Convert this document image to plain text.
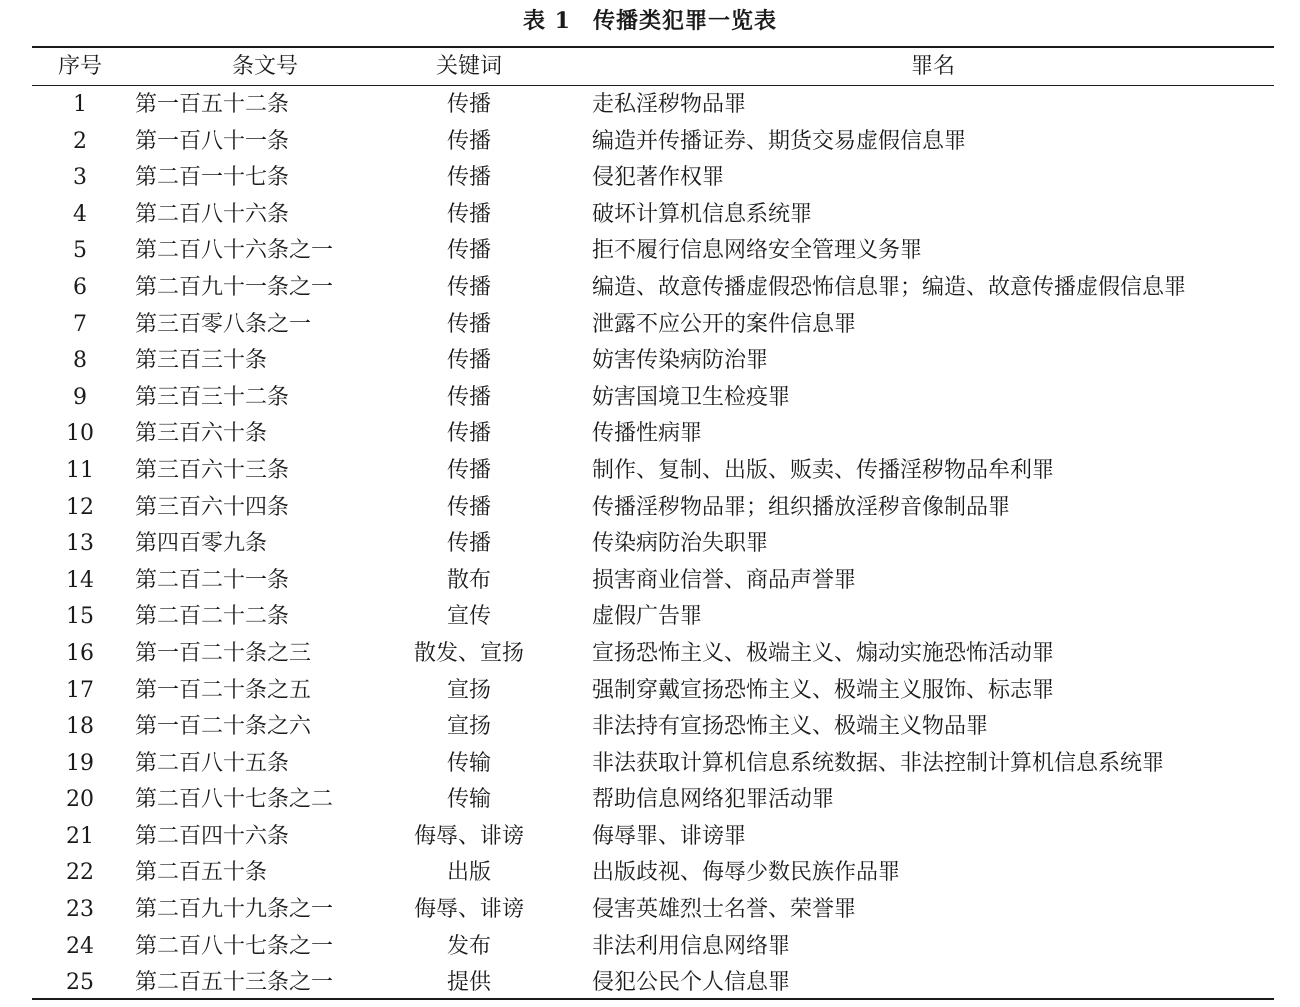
表 1 传播类犯罪一览表
序号	条文号	关键词	罪名
1	第一百五十二条	传播	走私淫秽物品罪
2	第一百八十一条	传播	编造并传播证券、期货交易虚假信息罪
3	第二百一十七条	传播	侵犯著作权罪
4	第二百八十六条	传播	破坏计算机信息系统罪
5	第二百八十六条之一	传播	拒不履行信息网络安全管理义务罪
6	第二百九十一条之一	传播	编造、故意传播虚假恐怖信息罪；编造、故意传播虚假信息罪
7	第三百零八条之一	传播	泄露不应公开的案件信息罪
8	第三百三十条	传播	妨害传染病防治罪
9	第三百三十二条	传播	妨害国境卫生检疫罪
10	第三百六十条	传播	传播性病罪
11	第三百六十三条	传播	制作、复制、出版、贩卖、传播淫秽物品牟利罪
12	第三百六十四条	传播	传播淫秽物品罪；组织播放淫秽音像制品罪
13	第四百零九条	传播	传染病防治失职罪
14	第二百二十一条	散布	损害商业信誉、商品声誉罪
15	第二百二十二条	宣传	虚假广告罪
16	第一百二十条之三	散发、宣扬	宣扬恐怖主义、极端主义、煽动实施恐怖活动罪
17	第一百二十条之五	宣扬	强制穿戴宣扬恐怖主义、极端主义服饰、标志罪
18	第一百二十条之六	宣扬	非法持有宣扬恐怖主义、极端主义物品罪
19	第二百八十五条	传输	非法获取计算机信息系统数据、非法控制计算机信息系统罪
20	第二百八十七条之二	传输	帮助信息网络犯罪活动罪
21	第二百四十六条	侮辱、诽谤	侮辱罪、诽谤罪
22	第二百五十条	出版	出版歧视、侮辱少数民族作品罪
23	第二百九十九条之一	侮辱、诽谤	侵害英雄烈士名誉、荣誉罪
24	第二百八十七条之一	发布	非法利用信息网络罪
25	第二百五十三条之一	提供	侵犯公民个人信息罪
